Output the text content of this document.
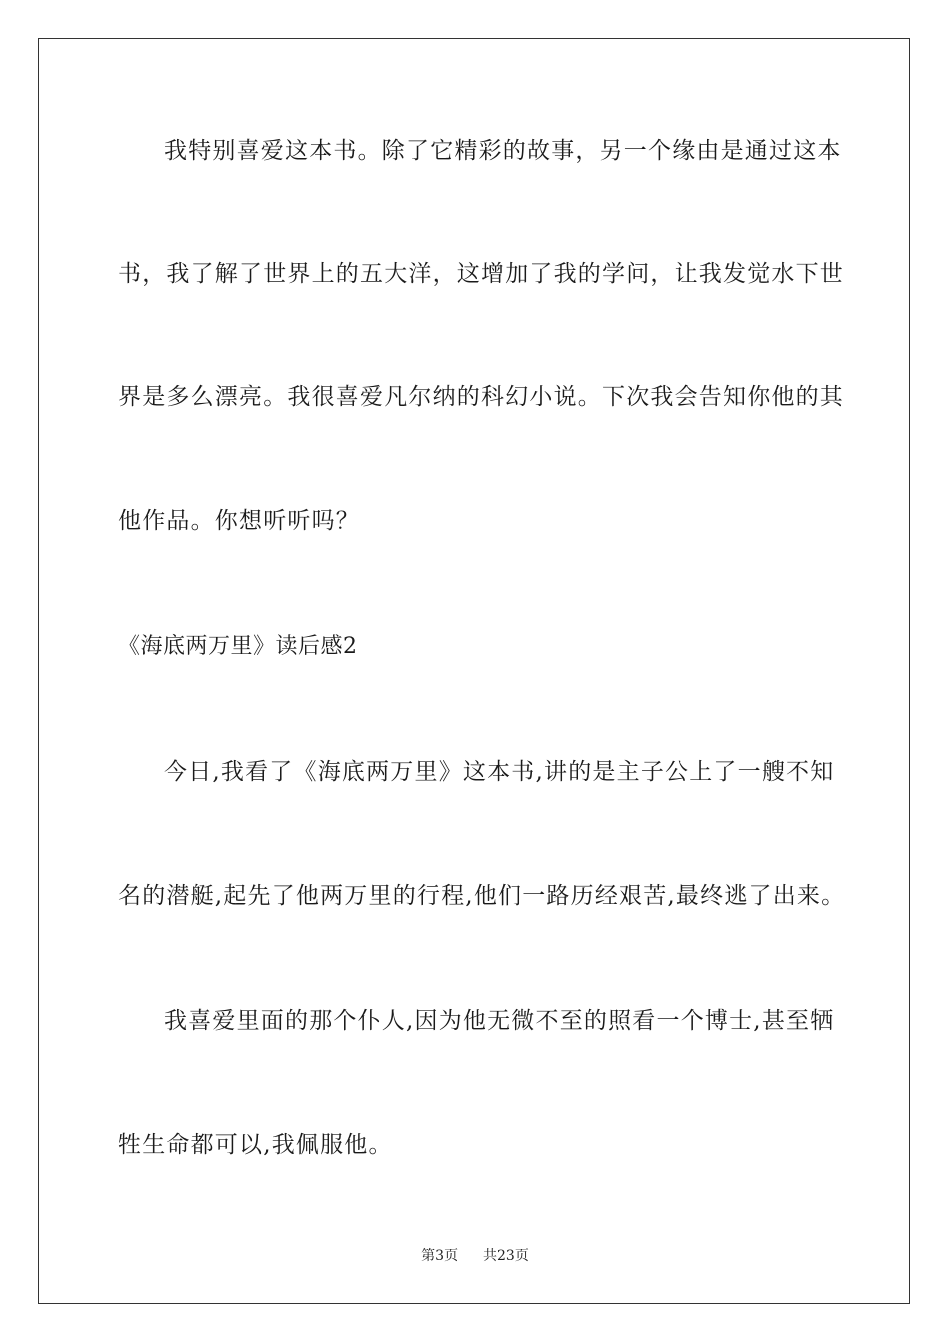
我特别喜爱这本书。除了它精彩的故事，另一个缘由是通过这本
书，我了解了世界上的五大洋，这增加了我的学问，让我发觉水下世
界是多么漂亮。我很喜爱凡尔纳的科幻小说。下次我会告知你他的其
他作品。你想听听吗？
《海底两万里》读后感2
今日,我看了《海底两万里》这本书,讲的是主子公上了一艘不知
名的潜艇,起先了他两万里的行程,他们一路历经艰苦,最终逃了出来。
我喜爱里面的那个仆人,因为他无微不至的照看一个博士,甚至牺
牲生命都可以,我佩服他。
第3页 共23页
